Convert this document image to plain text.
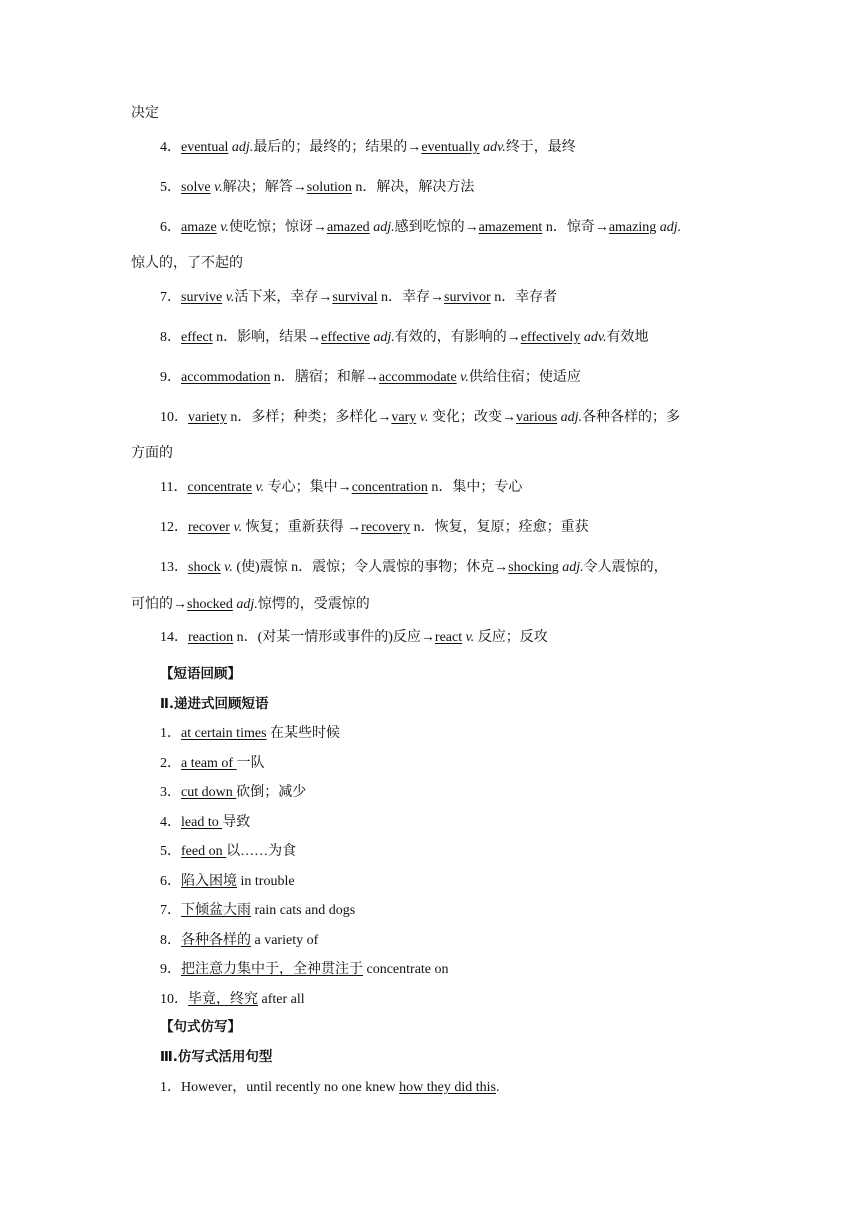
决定
4．eventual adj.最后的；最终的；结果的→eventually adv.终于，最终
5．solve v.解决；解答→solution n．解决，解决方法
6．amaze v.使吃惊；惊讶→amazed adj.感到吃惊的→amazement n．惊奇→amazing adj.
惊人的，了不起的
7．survive v.活下来，幸存→survival n．幸存→survivor n．幸存者
8．effect n．影响，结果→effective adj.有效的，有影响的→effectively adv.有效地
9．accommodation n．膳宿；和解→accommodate v.供给住宿；使适应
10．variety n．多样；种类；多样化→vary v. 变化；改变→various adj.各种各样的；多
方面的
11．concentrate v. 专心；集中→concentration n．集中；专心
12．recover v. 恢复；重新获得 →recovery n．恢复，复原；痊愈；重获
13．shock v. (使)震惊 n．震惊；令人震惊的事物；休克→shocking adj.令人震惊的，
可怕的→shocked adj.惊愕的，受震惊的
14．reaction n．(对某一情形或事件的)反应→react v. 反应；反攻
【短语回顾】
Ⅱ.递进式回顾短语
1．at certain times 在某些时候
2．a team of 一队
3．cut down 砍倒；减少
4．lead to 导致
5．feed on 以……为食
6．陷入困境 in trouble
7．下倾盆大雨 rain cats and dogs
8．各种各样的 a variety of
9．把注意力集中于，全神贯注于 concentrate on
10．毕竟，终究 after all
【句式仿写】
Ⅲ.仿写式活用句型
1．However，until recently no one knew how they did this.
